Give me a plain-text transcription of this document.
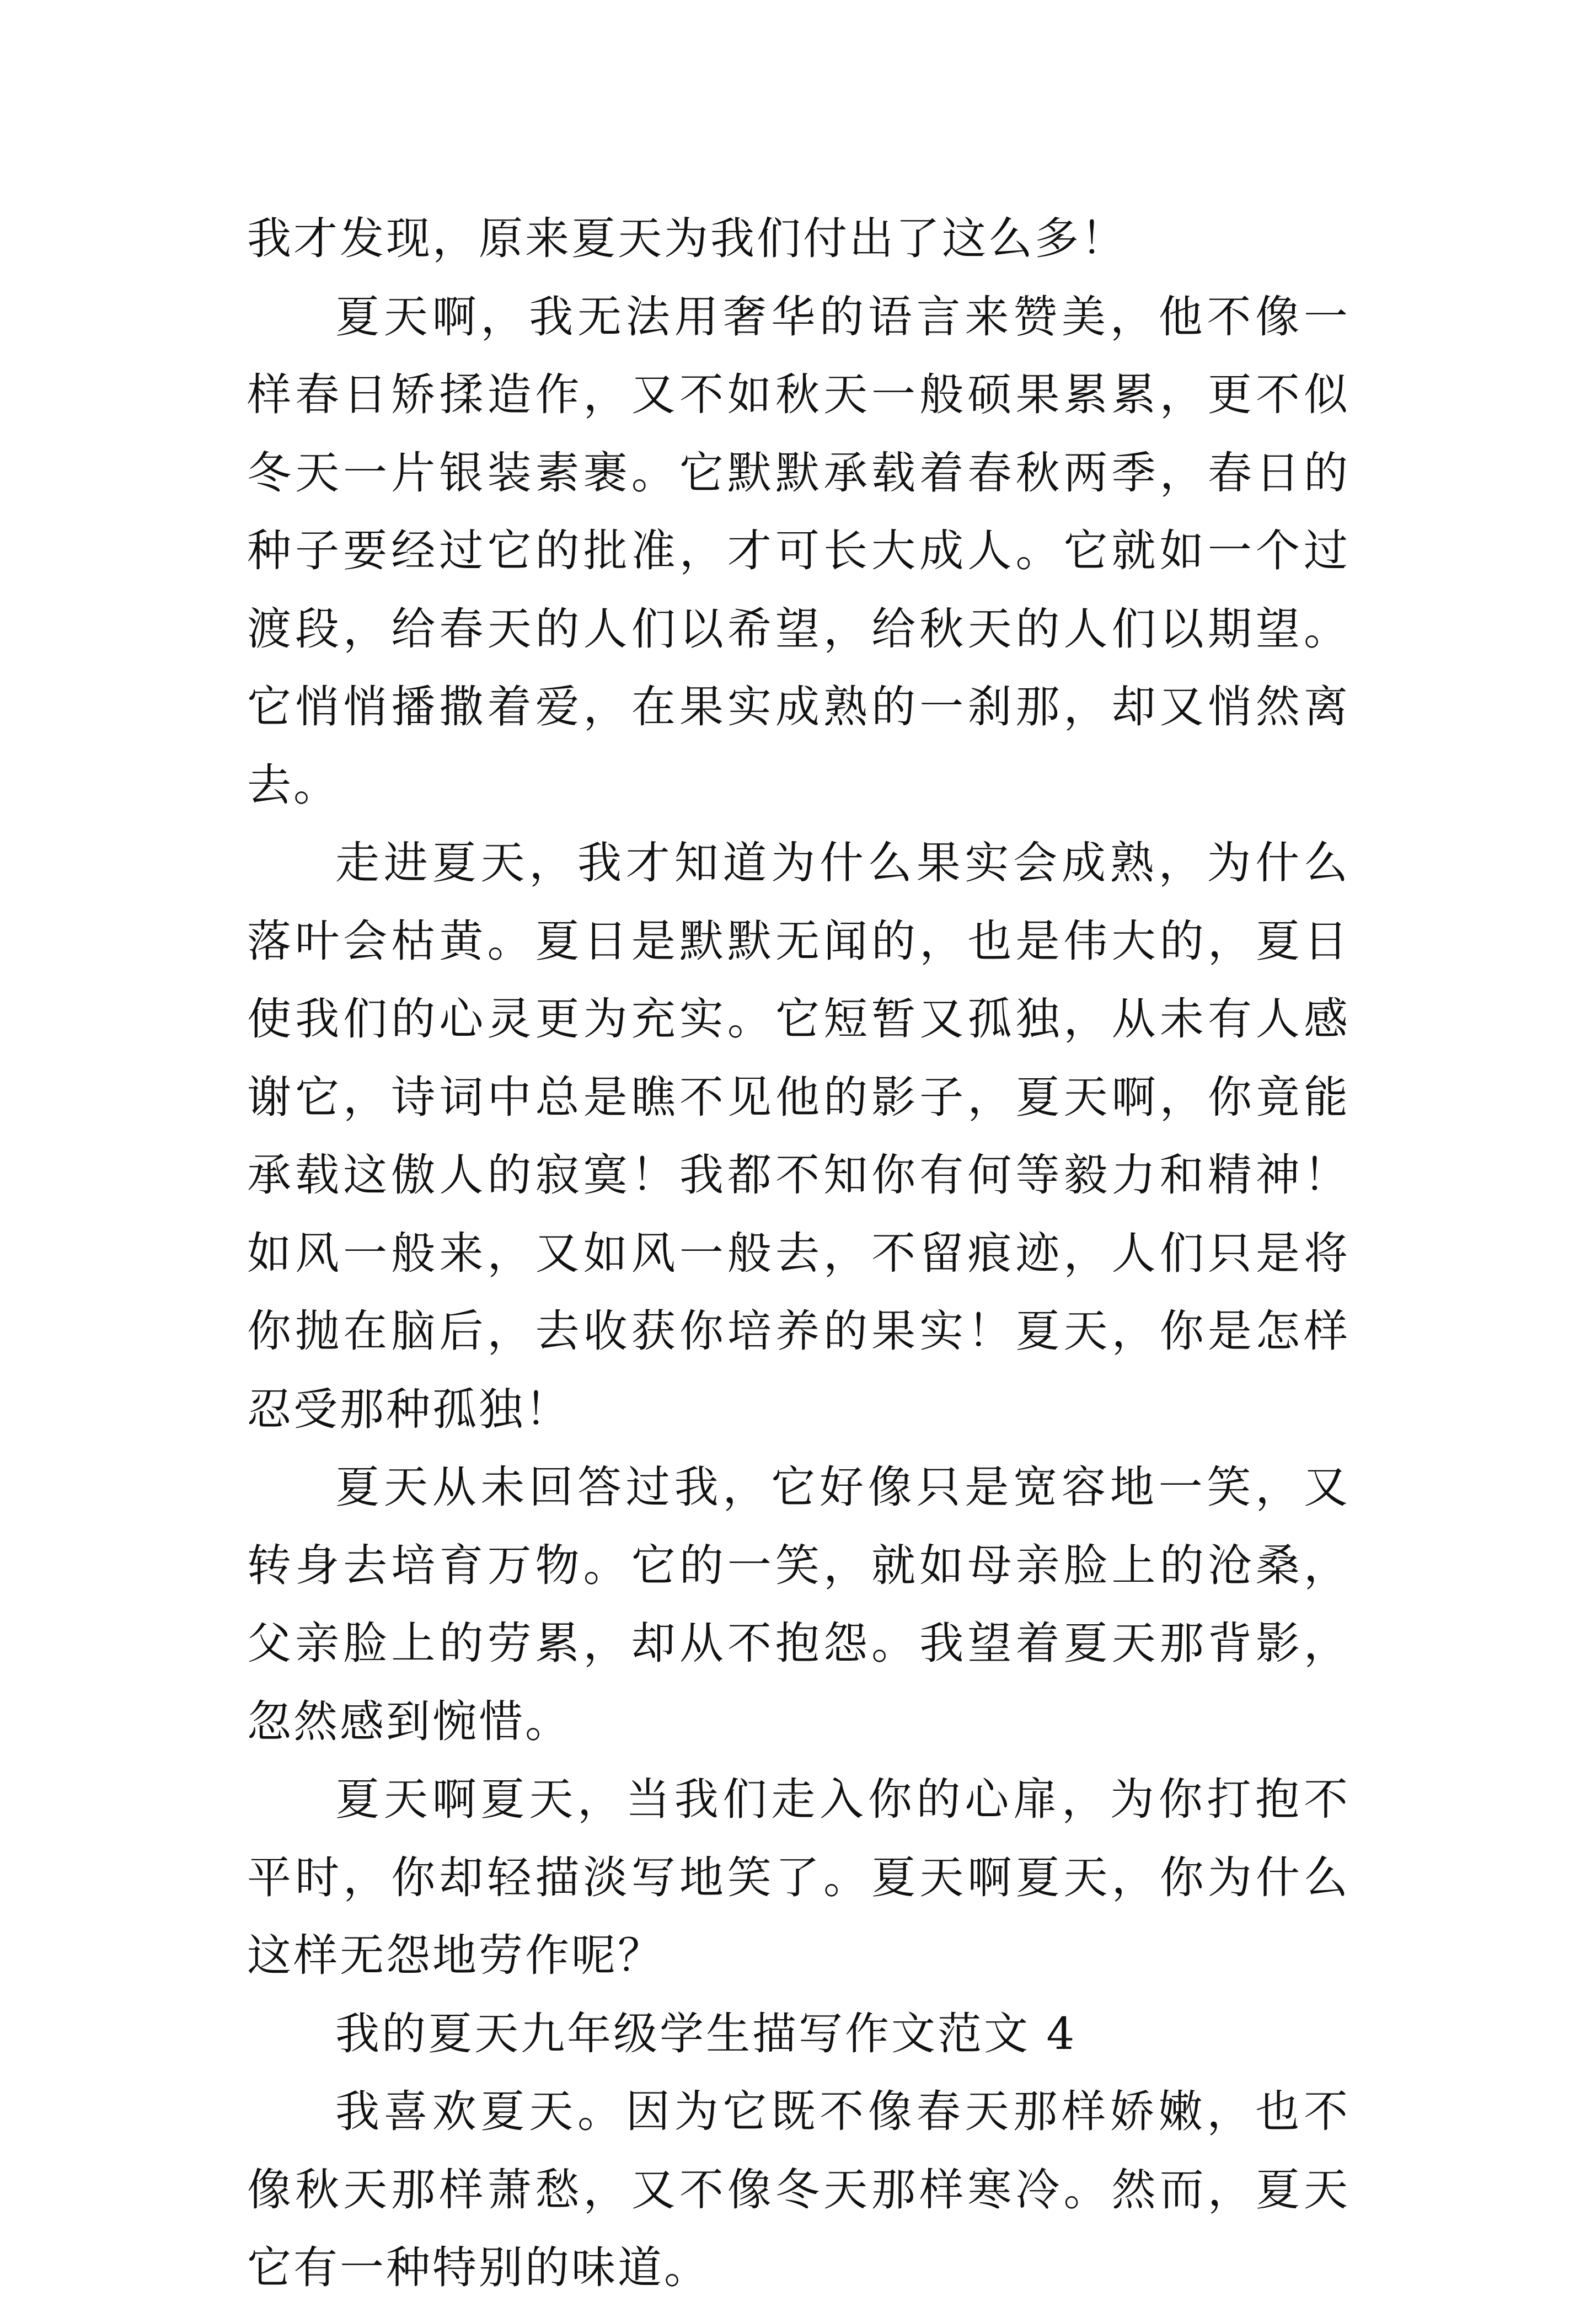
我才发现，原来夏天为我们付出了这么多！

夏天啊，我无法用奢华的语言来赞美，他不像一样春日矫揉造作，又不如秋天一般硕果累累，更不似冬天一片银装素裹。它默默承载着春秋两季，春日的种子要经过它的批准，才可长大成人。它就如一个过渡段，给春天的人们以希望，给秋天的人们以期望。它悄悄播撒着爱，在果实成熟的一刹那，却又悄然离去。

走进夏天，我才知道为什么果实会成熟，为什么落叶会枯黄。夏日是默默无闻的，也是伟大的，夏日使我们的心灵更为充实。它短暂又孤独，从未有人感谢它，诗词中总是瞧不见他的影子，夏天啊，你竟能承载这傲人的寂寞！我都不知你有何等毅力和精神！如风一般来，又如风一般去，不留痕迹，人们只是将你抛在脑后，去收获你培养的果实！夏天，你是怎样忍受那种孤独！

夏天从未回答过我，它好像只是宽容地一笑，又转身去培育万物。它的一笑，就如母亲脸上的沧桑，父亲脸上的劳累，却从不抱怨。我望着夏天那背影，忽然感到惋惜。

夏天啊夏天，当我们走入你的心扉，为你打抱不平时，你却轻描淡写地笑了。夏天啊夏天，你为什么这样无怨地劳作呢？

我的夏天九年级学生描写作文范文 4

我喜欢夏天。因为它既不像春天那样娇嫩，也不像秋天那样萧愁，又不像冬天那样寒冷。然而，夏天它有一种特别的味道。
